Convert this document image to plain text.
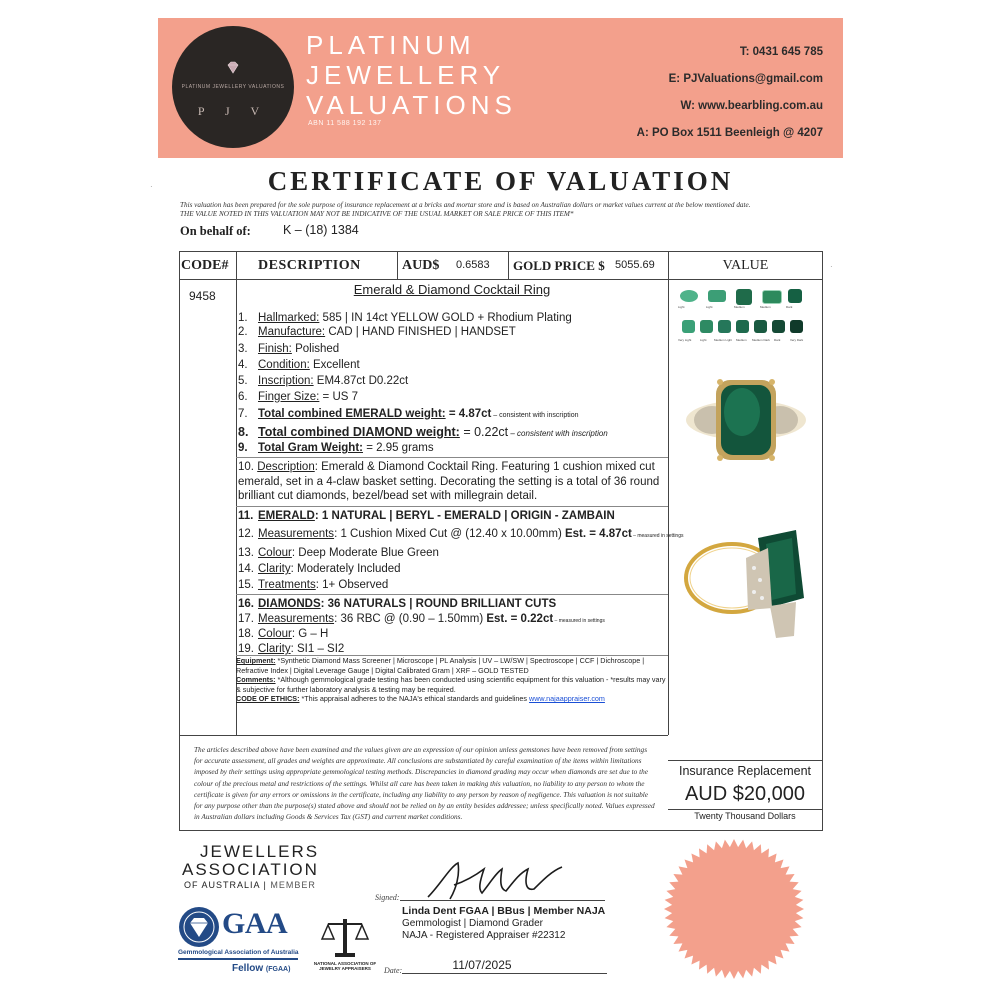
PLATINUM JEWELLERY VALUATIONS
P J V
PLATINUM
JEWELLERY
VALUATIONS
ABN 11 588 192 137
T: 0431 645 785
E: PJValuations@gmail.com
W: www.bearbling.com.au
A: PO Box 1511 Beenleigh @ 4207
CERTIFICATE OF VALUATION
This valuation has been prepared for the sole purpose of insurance replacement at a bricks and mortar store and is based on Australian dollars or market values current at the below mentioned date.
THE VALUE NOTED IN THIS VALUATION MAY NOT BE INDICATIVE OF THE USUAL MARKET OR SALE PRICE OF THIS ITEM*
On behalf of:	K – (18) 1384
CODE# DESCRIPTION	AUD$ 0.6583 GOLD PRICE $ 5055.69	VALUE
9458	Emerald & Diamond Cocktail Ring
1. Hallmarked: 585 | IN 14ct YELLOW GOLD + Rhodium Plating
2. Manufacture: CAD | HAND FINISHED | HANDSET
3. Finish: Polished
4. Condition: Excellent
5. Inscription: EM4.87ct D0.22ct
6. Finger Size: = US 7
7. Total combined EMERALD weight: = 4.87ct – consistent with inscription
8. Total combined DIAMOND weight: = 0.22ct – consistent with inscription
9. Total Gram Weight: = 2.95 grams
10. Description: Emerald & Diamond Cocktail Ring. Featuring 1 cushion mixed cut emerald, set in a 4-claw basket setting. Decorating the setting is a total of 36 round brilliant cut diamonds, bezel/bead set with millegrain detail.
11. EMERALD: 1 NATURAL | BERYL - EMERALD | ORIGIN - ZAMBAIN
12. Measurements: 1 Cushion Mixed Cut @ (12.40 x 10.00mm) Est. = 4.87ct – measured in settings
13. Colour: Deep Moderate Blue Green
14. Clarity: Moderately Included
15. Treatments: 1+ Observed
16. DIAMONDS: 36 NATURALS | ROUND BRILLIANT CUTS
17. Measurements: 36 RBC @ (0.90 – 1.50mm) Est. = 0.22ct – measured in settings
18. Colour: G – H
19. Clarity: SI1 – SI2
Equipment: *Synthetic Diamond Mass Screener | Microscope | PL Analysis | UV – LW/SW | Spectroscope | CCF | Dichroscope | Refractive Index | Digital Leverage Gauge | Digital Calibrated Gram | XRF – GOLD TESTED
Comments: *Although gemmological grade testing has been conducted using scientific equipment for this valuation - *results may vary & subjective for further laboratory analysis & testing may be required.
CODE OF ETHICS: *This appraisal adheres to the NAJA's ethical standards and guidelines www.najaappraiser.com
Light	Light	Medium	Medium	Dark
Very Light	Light Medium Light Medium Medium Dark Dark	Very Dark
The articles described above have been examined and the values given are an expression of our opinion unless gemstones have been removed from settings for accurate assessment, all grades and weights are approximate. All conclusions are substantiated by careful examination of the items within limitations imposed by their settings using appropriate gemmological testing methods. Discrepancies in diamond grading may occur when diamonds are set due to the colour of the precious metal and restrictions of the settings. Whilst all care has been taken in making this valuation, no liability to any person to whom the certificate is given for any errors or omissions in the certificate, including any liability to any person by reason of negligence. This valuation is not suitable for any purpose other than the purpose(s) stated above and should not be relied on by an entity besides addressee; unless specifically noted. Values expressed in Australian dollars including Goods & Services Tax (GST) and current market conditions.
Insurance Replacement
AUD $20,000
Twenty Thousand Dollars
JEWELLERS
ASSOCIATION
OF AUSTRALIA | MEMBER
GAA
Gemmological Association of Australia
Fellow (FGAA)
NATIONAL ASSOCIATION OF
JEWELRY APPRAISERS
Signed:
Linda Dent FGAA | BBus | Member NAJA
Gemmologist | Diamond Grader
NAJA - Registered Appraiser #22312
Date:	11/07/2025
·
·
